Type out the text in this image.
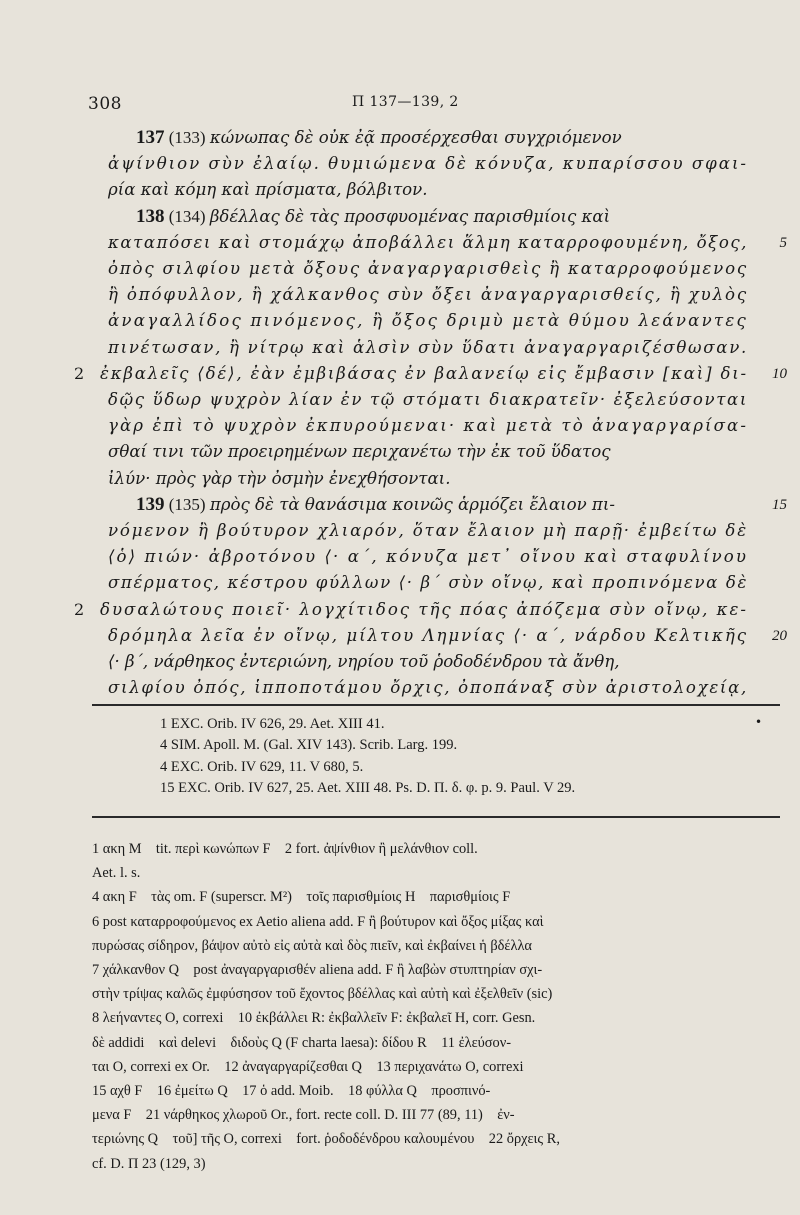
308	Π 137—139, 2
137 (133) κώνωπας δὲ οὐκ ἐᾷ προσέρχεσθαι συγχριόμενον
ἀψίνθιον σὺν ἐλαίῳ. θυμιώμενα δὲ κόνυζα, κυπαρίσσου σφαι-
ρία καὶ κόμη καὶ πρίσματα, βόλβιτον.
138 (134) βδέλλας δὲ τὰς προσφυομένας παρισθμίοις καὶ
καταπόσει καὶ στομάχῳ ἀποβάλλει ἅλμη καταρροφουμένη, ὄξος, 5
ὀπὸς σιλφίου μετὰ ὄξους ἀναγαργαρισθεὶς ἢ καταρροφούμενος
ἢ ὀπόφυλλον, ἢ χάλκανθος σὺν ὄξει ἀναγαργαρισθείς, ἢ χυλὸς
ἀναγαλλίδος πινόμενος, ἢ ὄξος δριμὺ μετὰ θύμου λεάναντες
πινέτωσαν, ἢ νίτρῳ καὶ ἁλσὶν σὺν ὕδατι ἀναγαργαριζέσθωσαν.
2 ἐκβαλεῖς ⟨δέ⟩, ἐὰν ἐμβιβάσας ἐν βαλανείῳ εἰς ἔμβασιν [καὶ] δι- 10
δῷς ὕδωρ ψυχρὸν λίαν ἐν τῷ στόματι διακρατεῖν· ἐξελεύσονται
γὰρ ἐπὶ τὸ ψυχρὸν ἐκπυρούμεναι· καὶ μετὰ τὸ ἀναγαργαρίσα-
σθαί τινι τῶν προειρημένων περιχανέτω τὴν ἐκ τοῦ ὕδατος
ἰλύν· πρὸς γὰρ τὴν ὀσμὴν ἐνεχθήσονται.
139 (135) πρὸς δὲ τὰ θανάσιμα κοινῶς ἁρμόζει ἔλαιον πι-	15
νόμενον ἢ βούτυρον χλιαρόν, ὅταν ἔλαιον μὴ παρῇ· ἐμβείτω δὲ
⟨ὁ⟩ πιών· ἀβροτόνου ⟨· α΄, κόνυζα μετ᾽ οἴνου καὶ σταφυλίνου
σπέρματος, κέστρου φύλλων ⟨· β΄ σὺν οἴνῳ, καὶ προπινόμενα δὲ
2 δυσαλώτους ποιεῖ· λογχίτιδος τῆς πόας ἀπόζεμα σὺν οἴνῳ, κε-
δρόμηλα λεῖα ἐν οἴνῳ, μίλτου Λημνίας ⟨· α΄, νάρδου Κελτικῆς 20
⟨· β΄, νάρθηκος ἐντεριώνη, νηρίου τοῦ ῥοδοδένδρου τὰ ἄνθη,
σιλφίου ὀπός, ἱπποποτάμου ὄρχις, ὀποπάναξ σὺν ἀριστολοχείᾳ,
•
1 EXC. Orib. IV 626, 29. Aet. XIII 41.
4 SIM. Apoll. M. (Gal. XIV 143). Scrib. Larg. 199.
4 EXC. Orib. IV 629, 11. V 680, 5.
15 EXC. Orib. IV 627, 25. Aet. XIII 48. Ps. D. Π. δ. φ. p. 9. Paul. V 29.
1 ακη M    tit. περὶ κωνώπων F    2 fort. ἀψίνθιον ἢ μελάνθιον coll.
Aet. l. s.
4 ακη F    τὰς om. F (superscr. M²)    τοῖς παρισθμίοις H    παρισθμίοις F
6 post καταρροφούμενος ex Aetio aliena add. F ἢ βούτυρον καὶ ὄξος μίξας καὶ
πυρώσας σίδηρον, βάψον αὐτὸ εἰς αὐτὰ καὶ δὸς πιεῖν, καὶ ἐκβαίνει ἡ βδέλλα
7 χάλκανθον Q    post ἀναγαργαρισθέν aliena add. F ἢ λαβὼν στυπτηρίαν σχι-
στὴν τρίψας καλῶς ἐμφύσησον τοῦ ἔχοντος βδέλλας καὶ αὐτὴ καὶ ἐξελθεῖν (sic)
8 λεήναντες O, correxi    10 ἐκβάλλει R: ἐκβαλλεῖν F: ἐκβαλεῖ H, corr. Gesn.
δὲ addidi    καὶ delevi    διδοὺς Q (F charta laesa): δίδου R    11 ἐλεύσον-
ται O, correxi ex Or.    12 ἀναγαργαρίζεσθαι Q    13 περιχανάτω O, correxi
15 αχθ F    16 ἐμείτω Q    17 ὁ add. Moib.    18 φύλλα Q    προσπινό-
μενα F    21 νάρθηκος χλωροῦ Or., fort. recte coll. D. III 77 (89, 11)    ἐν-
τεριώνης Q    τοῦ] τῆς O, correxi    fort. ῥοδοδένδρου καλουμένου    22 ὄρχεις R,
cf. D. Π 23 (129, 3)
